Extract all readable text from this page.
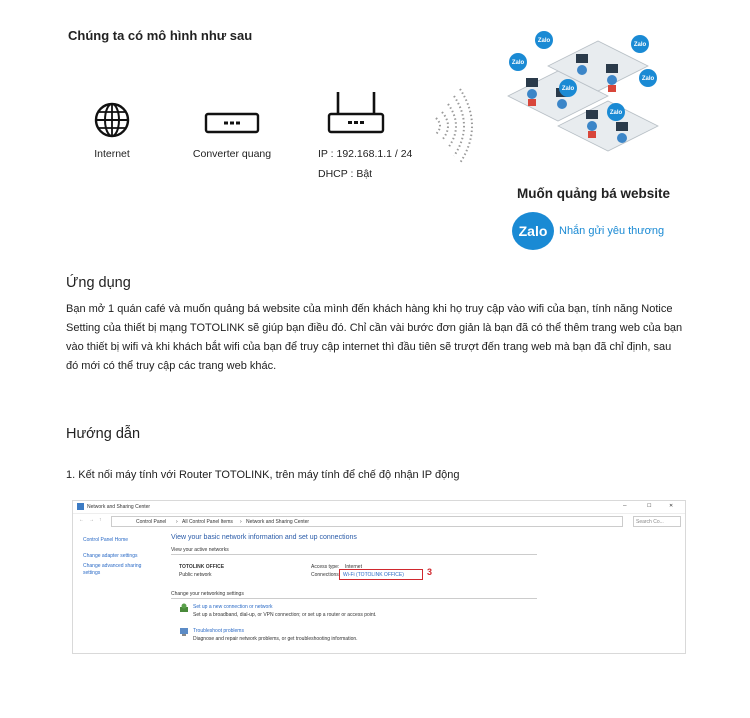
Chúng ta có mô hình như sau
Internet	Converter quang	IP : 192.168.1.1 / 24
DHCP : Bật
Zalo
Zalo
Zalo
Zalo
Zalo
Zalo
Muốn quảng bá website
Zalo	Nhắn gửi yêu thương
Ứng dụng
Bạn mở 1 quán café và muốn quảng bá website của mình đến khách hàng khi họ truy cập vào wifi của bạn, tính năng Notice Setting của thiết bị mạng TOTOLINK sẽ giúp bạn điều đó. Chỉ cần vài bước đơn giản là bạn đã có thể thêm trang web của bạn vào thiết bị wifi và khi khách bắt wifi của bạn để truy cập internet thì đầu tiên sẽ trượt đến trang web mà bạn đã chỉ định, sau đó mới có thể truy cập các trang web khác.
Hướng dẫn
1. Kết nối máy tính với Router TOTOLINK, trên máy tính để chế độ nhận IP động
Network and Sharing Center	─	☐	✕
← → ↑	Control Panel › All Control Panel Items › Network and Sharing Center	Search Co...
Control Panel Home
Change adapter settings
Change advanced sharing settings
View your basic network information and set up connections
View your active networks
TOTOLINK OFFICE
Public network
Access type: Internet
Connections: Wi-Fi (TOTOLINK OFFICE)	3
Change your networking settings
Set up a new connection or network
Set up a broadband, dial-up, or VPN connection; or set up a router or access point.
Troubleshoot problems
Diagnose and repair network problems, or get troubleshooting information.
